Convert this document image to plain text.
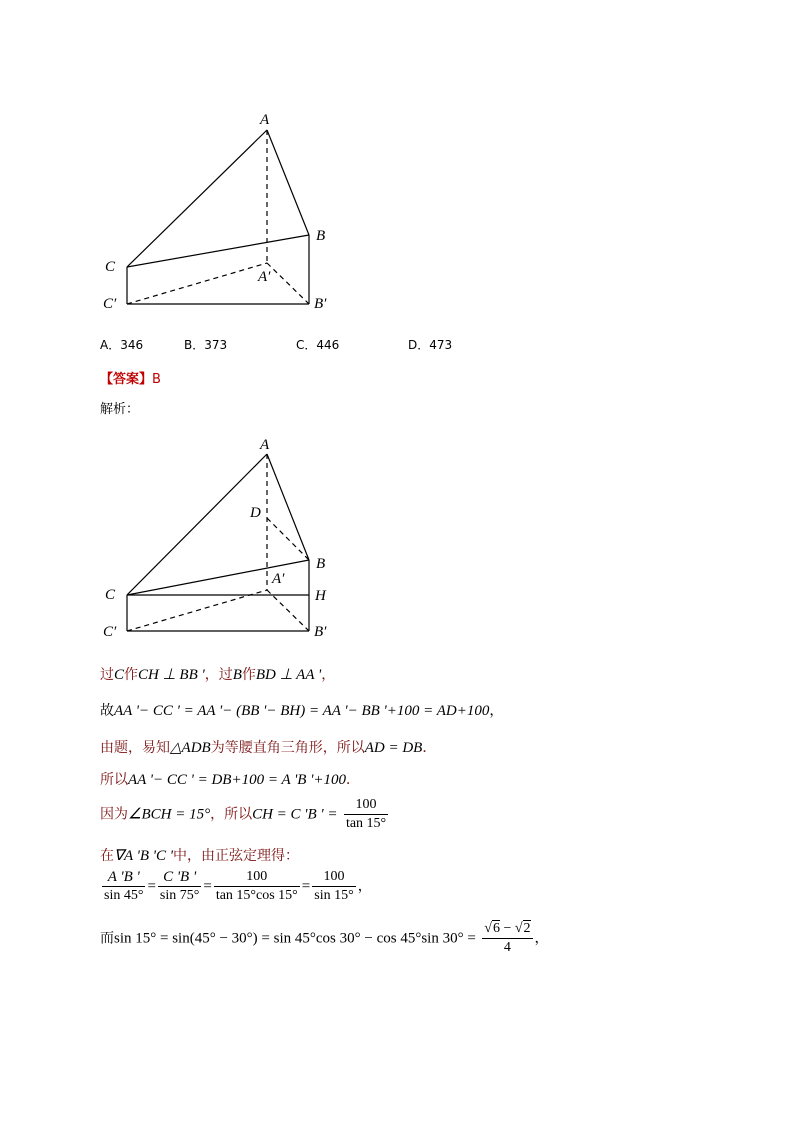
A
B
C
A′
B′
C′
A．346	B．373	C．446	D．473
【答案】B
解析：
A
D
B
C	H
A′
B′
C′
过C作CH ⊥ BB '，过B作BD ⊥ AA '，
故AA '− CC ' = AA '− (BB '− BH) = AA '− BB '+100 = AD+100，
由题，易知△ADB为等腰直角三角形，所以AD = DB．
所以AA '− CC ' = DB+100 = A 'B '+100．
因为∠BCH = 15°，所以CH = C 'B ' = $\frac{100}{\tan 15^\circ}$
在∇A 'B 'C '中，由正弦定理得：
$\frac{A 'B '}{\sin 45^\circ} = \frac{C 'B '}{\sin 75^\circ} = \frac{100}{\tan 15^\circ\cos 15^\circ} = \frac{100}{\sin 15^\circ}$ ，
而sin 15° = sin(45° − 30°) = sin 45°cos 30° − cos 45°sin $30^\circ = \frac{√6 - √2}{4}$ ，
